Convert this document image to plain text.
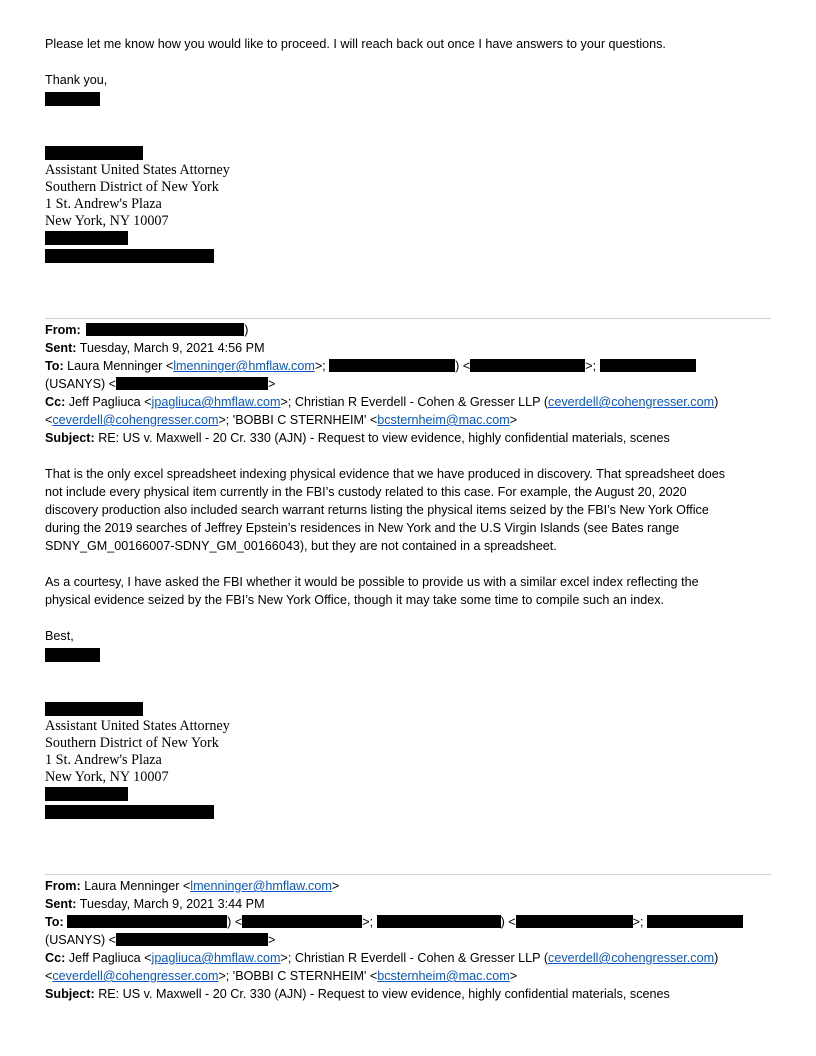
Please let me know how you would like to proceed. I will reach back out once I have answers to your questions.
Thank you,
Assistant United States Attorney
Southern District of New York
1 St. Andrew's Plaza
New York, NY 10007
From:	)
Sent: Tuesday, March 9, 2021 4:56 PM
To: Laura Menninger <lmenninger@hmflaw.com>;	) <	>;
(USANYS) <	>
Cc: Jeff Pagliuca <jpagliuca@hmflaw.com>; Christian R Everdell - Cohen & Gresser LLP (ceverdell@cohengresser.com)
<ceverdell@cohengresser.com>; 'BOBBI C STERNHEIM' <bcsternheim@mac.com>
Subject: RE: US v. Maxwell - 20 Cr. 330 (AJN) - Request to view evidence, highly confidential materials, scenes
That is the only excel spreadsheet indexing physical evidence that we have produced in discovery. That spreadsheet does
not include every physical item currently in the FBI’s custody related to this case. For example, the August 20, 2020
discovery production also included search warrant returns listing the physical items seized by the FBI’s New York Office
during the 2019 searches of Jeffrey Epstein’s residences in New York and the U.S Virgin Islands (see Bates range
SDNY_GM_00166007-SDNY_GM_00166043), but they are not contained in a spreadsheet.
As a courtesy, I have asked the FBI whether it would be possible to provide us with a similar excel index reflecting the
physical evidence seized by the FBI’s New York Office, though it may take some time to compile such an index.
Best,
Assistant United States Attorney
Southern District of New York
1 St. Andrew's Plaza
New York, NY 10007
From: Laura Menninger <lmenninger@hmflaw.com>
Sent: Tuesday, March 9, 2021 3:44 PM
To:	) <	>;	) <	>;
(USANYS) <	>
Cc: Jeff Pagliuca <jpagliuca@hmflaw.com>; Christian R Everdell - Cohen & Gresser LLP (ceverdell@cohengresser.com)
<ceverdell@cohengresser.com>; 'BOBBI C STERNHEIM' <bcsternheim@mac.com>
Subject: RE: US v. Maxwell - 20 Cr. 330 (AJN) - Request to view evidence, highly confidential materials, scenes
